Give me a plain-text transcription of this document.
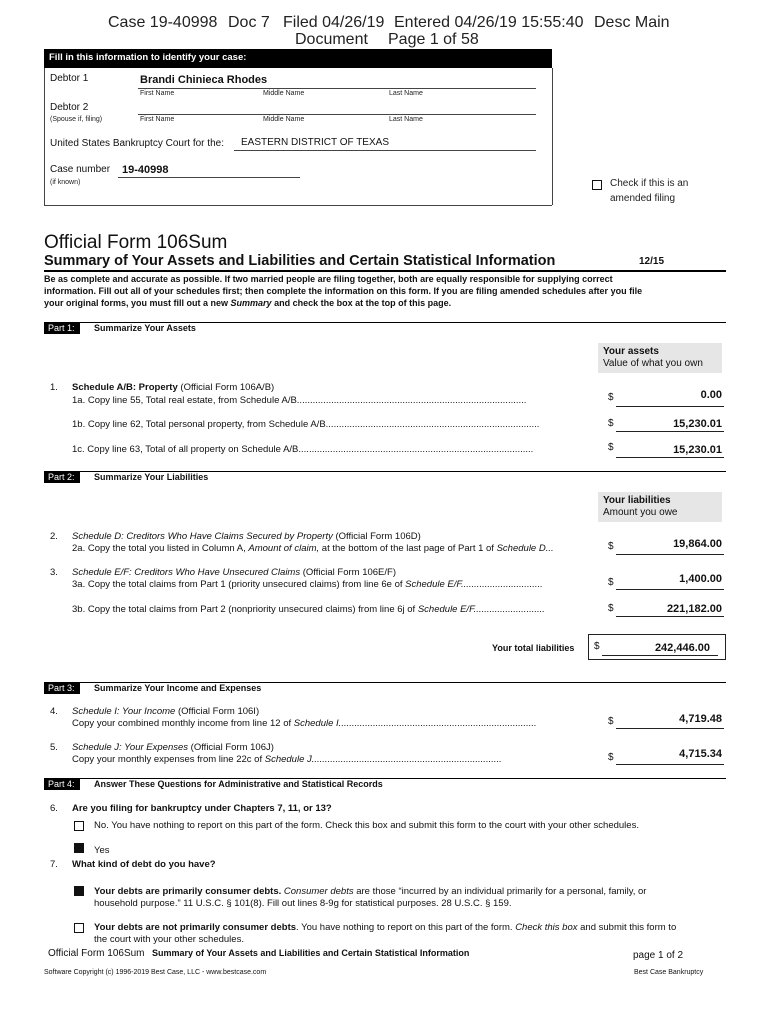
Case 19-40998 Doc 7 Filed 04/26/19 Entered 04/26/19 15:55:40 Desc Main
Document Page 1 of 58
Fill in this information to identify your case:
Debtor 1	Brandi Chinieca Rhodes
First Name	Middle Name	Last Name
Debtor 2
(Spouse if, filing)	First Name	Middle Name	Last Name
United States Bankruptcy Court for the: EASTERN DISTRICT OF TEXAS
Case number 19-40998
(if known)	Check if this is an
amended filing
Official Form 106Sum
Summary of Your Assets and Liabilities and Certain Statistical Information	12/15
Be as complete and accurate as possible. If two married people are filing together, both are equally responsible for supplying correct
information. Fill out all of your schedules first; then complete the information on this form. If you are filing amended schedules after you file
your original forms, you must fill out a new Summary and check the box at the top of this page.
Part 1:	Summarize Your Assets
Your assets
Value of what you own
1. Schedule A/B: Property (Official Form 106A/B)
1a. Copy line 55, Total real estate, from Schedule A/B.......................................................................................	$	0.00
1b. Copy line 62, Total personal property, from Schedule A/B.................................................................................	$	15,230.01
1c. Copy line 63, Total of all property on Schedule A/B.........................................................................................	$	15,230.01
Part 2:	Summarize Your Liabilities
Your liabilities
Amount you owe
2. Schedule D: Creditors Who Have Claims Secured by Property (Official Form 106D)
2a. Copy the total you listed in Column A, Amount of claim, at the bottom of the last page of Part 1 of Schedule D...	$	19,864.00
3. Schedule E/F: Creditors Who Have Unsecured Claims (Official Form 106E/F)
3a. Copy the total claims from Part 1 (priority unsecured claims) from line 6e of Schedule E/F...............................	$	1,400.00
3b. Copy the total claims from Part 2 (nonpriority unsecured claims) from line 6j of Schedule E/F...........................	$	221,182.00
Your total liabilities $	242,446.00
Part 3:	Summarize Your Income and Expenses
4. Schedule I: Your Income (Official Form 106I)
Copy your combined monthly income from line 12 of Schedule I...........................................................................	$	4,719.48
5. Schedule J: Your Expenses (Official Form 106J)
Copy your monthly expenses from line 22c of Schedule J........................................................................	$	4,715.34
Part 4:	Answer These Questions for Administrative and Statistical Records
6. Are you filing for bankruptcy under Chapters 7, 11, or 13?
No. You have nothing to report on this part of the form. Check this box and submit this form to the court with your other schedules.
Yes
7. What kind of debt do you have?
Your debts are primarily consumer debts. Consumer debts are those “incurred by an individual primarily for a personal, family, or
household purpose.” 11 U.S.C. § 101(8). Fill out lines 8-9g for statistical purposes. 28 U.S.C. § 159.
Your debts are not primarily consumer debts. You have nothing to report on this part of the form. Check this box and submit this form to
the court with your other schedules.
Official Form 106Sum Summary of Your Assets and Liabilities and Certain Statistical Information	page 1 of 2
Software Copyright (c) 1996-2019 Best Case, LLC - www.bestcase.com	Best Case Bankruptcy
